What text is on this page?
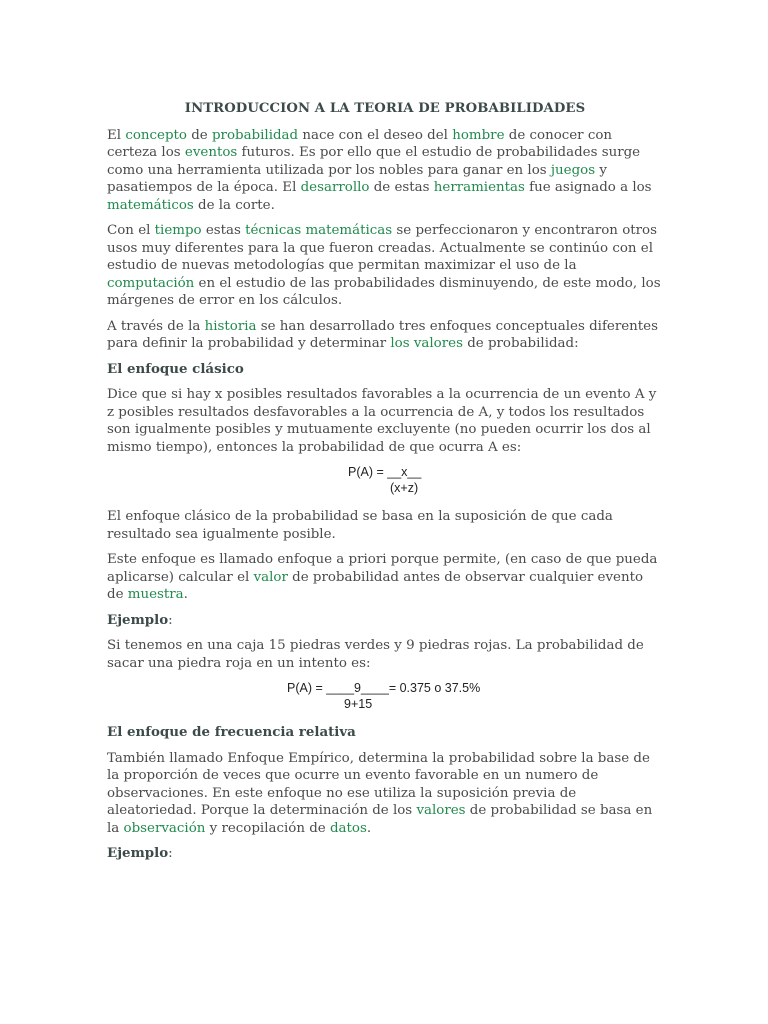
INTRODUCCION A LA TEORIA DE PROBABILIDADES

El concepto de probabilidad nace con el deseo del hombre de conocer con certeza los eventos futuros. Es por ello que el estudio de probabilidades surge como una herramienta utilizada por los nobles para ganar en los juegos y pasatiempos de la época. El desarrollo de estas herramientas fue asignado a los matemáticos de la corte.

Con el tiempo estas técnicas matemáticas se perfeccionaron y encontraron otros usos muy diferentes para la que fueron creadas. Actualmente se continúo con el estudio de nuevas metodologías que permitan maximizar el uso de la computación en el estudio de las probabilidades disminuyendo, de este modo, los márgenes de error en los cálculos.

A través de la historia se han desarrollado tres enfoques conceptuales diferentes para definir la probabilidad y determinar los valores de probabilidad:

El enfoque clásico

Dice que si hay x posibles resultados favorables a la ocurrencia de un evento A y z posibles resultados desfavorables a la ocurrencia de A, y todos los resultados son igualmente posibles y mutuamente excluyente (no pueden ocurrir los dos al mismo tiempo), entonces la probabilidad de que ocurra A es:

P(A) = __x__
(x+z)

El enfoque clásico de la probabilidad se basa en la suposición de que cada resultado sea igualmente posible.

Este enfoque es llamado enfoque a priori porque permite, (en caso de que pueda aplicarse) calcular el valor de probabilidad antes de observar cualquier evento de muestra.

Ejemplo:

Si tenemos en una caja 15 piedras verdes y 9 piedras rojas. La probabilidad de sacar una piedra roja en un intento es:

P(A) = ____9____= 0.375 o 37.5%
9+15
El enfoque de frecuencia relativa

También llamado Enfoque Empírico, determina la probabilidad sobre la base de la proporción de veces que ocurre un evento favorable en un numero de observaciones. En este enfoque no ese utiliza la suposición previa de aleatoriedad. Porque la determinación de los valores de probabilidad se basa en la observación y recopilación de datos.

Ejemplo:
